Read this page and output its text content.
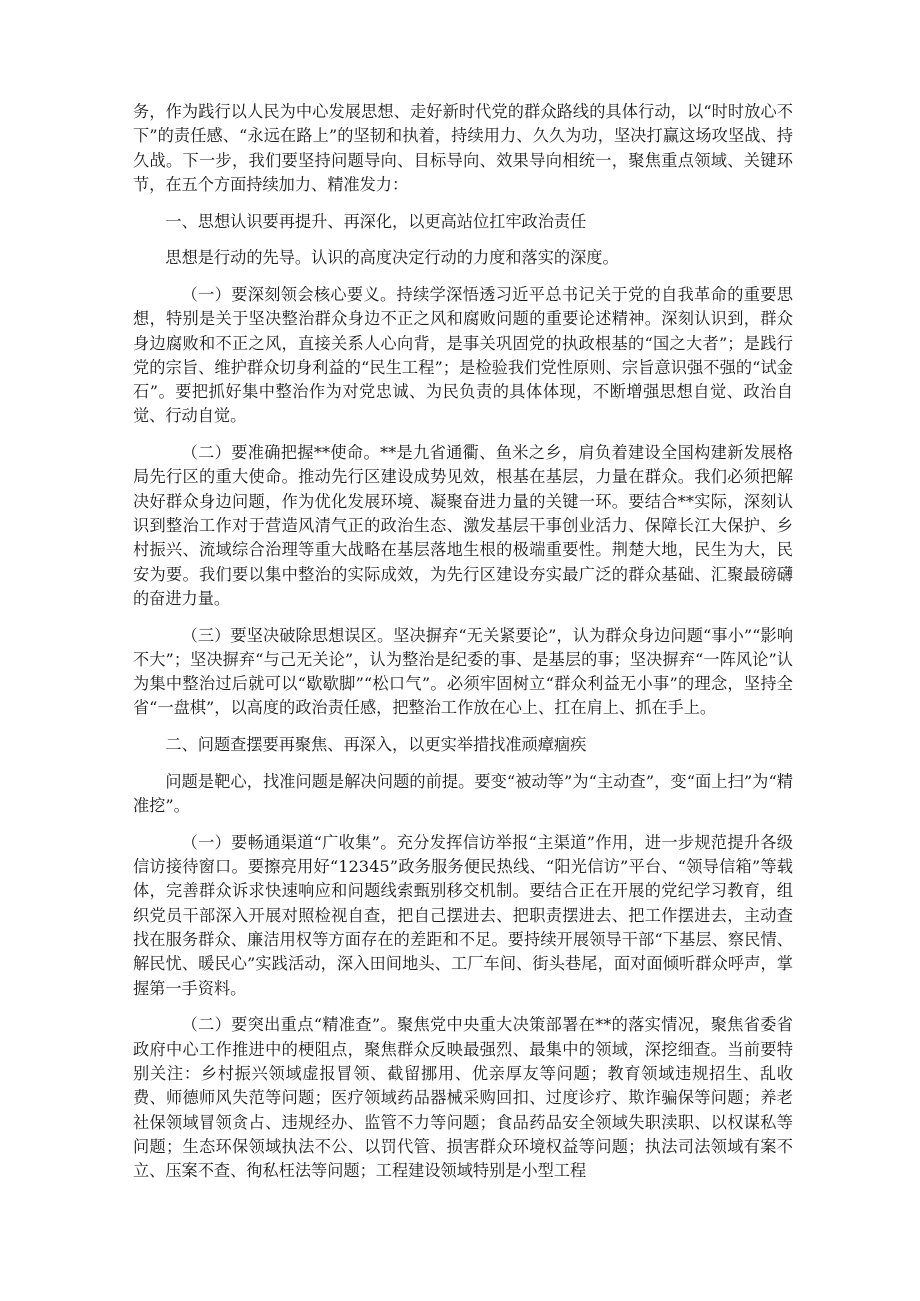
务，作为践行以人民为中心发展思想、走好新时代党的群众路线的具体行动，以“时时放心不下”的责任感、“永远在路上”的坚韧和执着，持续用力、久久为功，坚决打赢这场攻坚战、持久战。下一步，我们要坚持问题导向、目标导向、效果导向相统一，聚焦重点领域、关键环节，在五个方面持续加力、精准发力：

一、思想认识要再提升、再深化，以更高站位扛牢政治责任

思想是行动的先导。认识的高度决定行动的力度和落实的深度。

（一）要深刻领会核心要义。持续学深悟透习近平总书记关于党的自我革命的重要思想，特别是关于坚决整治群众身边不正之风和腐败问题的重要论述精神。深刻认识到，群众身边腐败和不正之风，直接关系人心向背，是事关巩固党的执政根基的“国之大者”；是践行党的宗旨、维护群众切身利益的“民生工程”；是检验我们党性原则、宗旨意识强不强的“试金石”。要把抓好集中整治作为对党忠诚、为民负责的具体体现，不断增强思想自觉、政治自觉、行动自觉。

（二）要准确把握**使命。**是九省通衢、鱼米之乡，肩负着建设全国构建新发展格局先行区的重大使命。推动先行区建设成势见效，根基在基层，力量在群众。我们必须把解决好群众身边问题，作为优化发展环境、凝聚奋进力量的关键一环。要结合**实际，深刻认识到整治工作对于营造风清气正的政治生态、激发基层干事创业活力、保障长江大保护、乡村振兴、流域综合治理等重大战略在基层落地生根的极端重要性。荆楚大地，民生为大，民安为要。我们要以集中整治的实际成效，为先行区建设夯实最广泛的群众基础、汇聚最磅礴的奋进力量。

（三）要坚决破除思想误区。坚决摒弃“无关紧要论”，认为群众身边问题“事小”“影响不大”；坚决摒弃“与己无关论”，认为整治是纪委的事、是基层的事；坚决摒弃“一阵风论”认为集中整治过后就可以“歇歇脚”“松口气”。必须牢固树立“群众利益无小事”的理念，坚持全省“一盘棋”，以高度的政治责任感，把整治工作放在心上、扛在肩上、抓在手上。

二、问题查摆要再聚焦、再深入，以更实举措找准顽瘴痼疾

问题是靶心，找准问题是解决问题的前提。要变“被动等”为“主动查”，变“面上扫”为“精准挖”。

（一）要畅通渠道“广收集”。充分发挥信访举报“主渠道”作用，进一步规范提升各级信访接待窗口。要擦亮用好“12345”政务服务便民热线、“阳光信访”平台、“领导信箱”等载体，完善群众诉求快速响应和问题线索甄别移交机制。要结合正在开展的党纪学习教育，组织党员干部深入开展对照检视自查，把自己摆进去、把职责摆进去、把工作摆进去，主动查找在服务群众、廉洁用权等方面存在的差距和不足。要持续开展领导干部“下基层、察民情、解民忧、暖民心”实践活动，深入田间地头、工厂车间、街头巷尾，面对面倾听群众呼声，掌握第一手资料。

（二）要突出重点“精准查”。聚焦党中央重大决策部署在**的落实情况，聚焦省委省政府中心工作推进中的梗阻点，聚焦群众反映最强烈、最集中的领域，深挖细查。当前要特别关注：乡村振兴领域虚报冒领、截留挪用、优亲厚友等问题；教育领域违规招生、乱收费、师德师风失范等问题；医疗领域药品器械采购回扣、过度诊疗、欺诈骗保等问题；养老社保领域冒领贪占、违规经办、监管不力等问题；食品药品安全领域失职渎职、以权谋私等问题；生态环保领域执法不公、以罚代管、损害群众环境权益等问题；执法司法领域有案不立、压案不查、徇私枉法等问题；工程建设领域特别是小型工程
